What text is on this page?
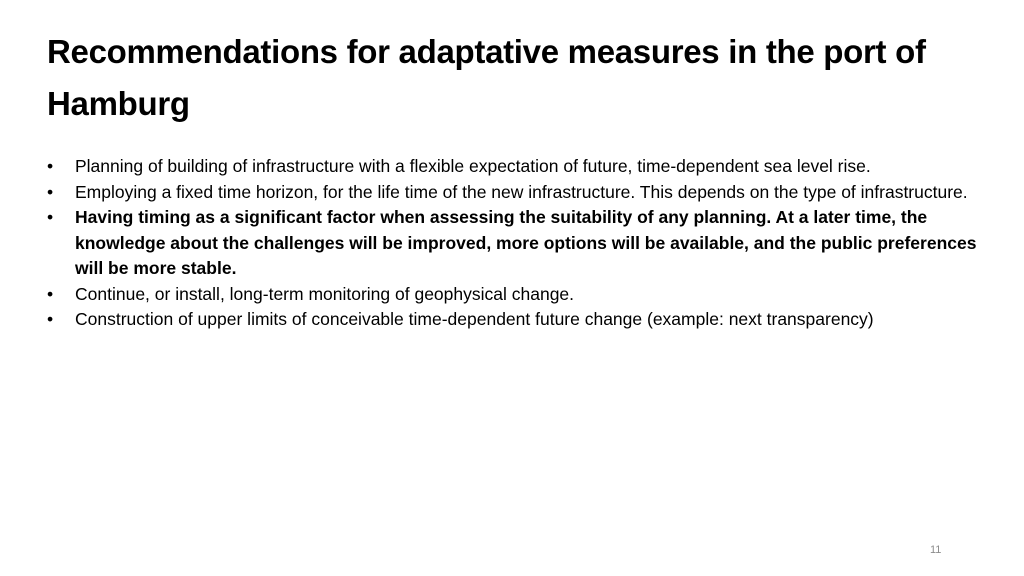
Recommendations for adaptative measures in the port of Hamburg
•	Planning of building of infrastructure with a flexible expectation of future, time-dependent sea level rise.
•	Employing a fixed time horizon, for the life time of the new infrastructure. This depends on the type of infrastructure.
•	Having timing as a significant factor when assessing the suitability of any planning. At a later time, the knowledge about the challenges will be improved, more options will be available, and the public preferences will be more stable.
•	Continue, or install, long-term monitoring of geophysical change.
•	Construction of upper limits of conceivable time-dependent future change (example: next transparency)
11
